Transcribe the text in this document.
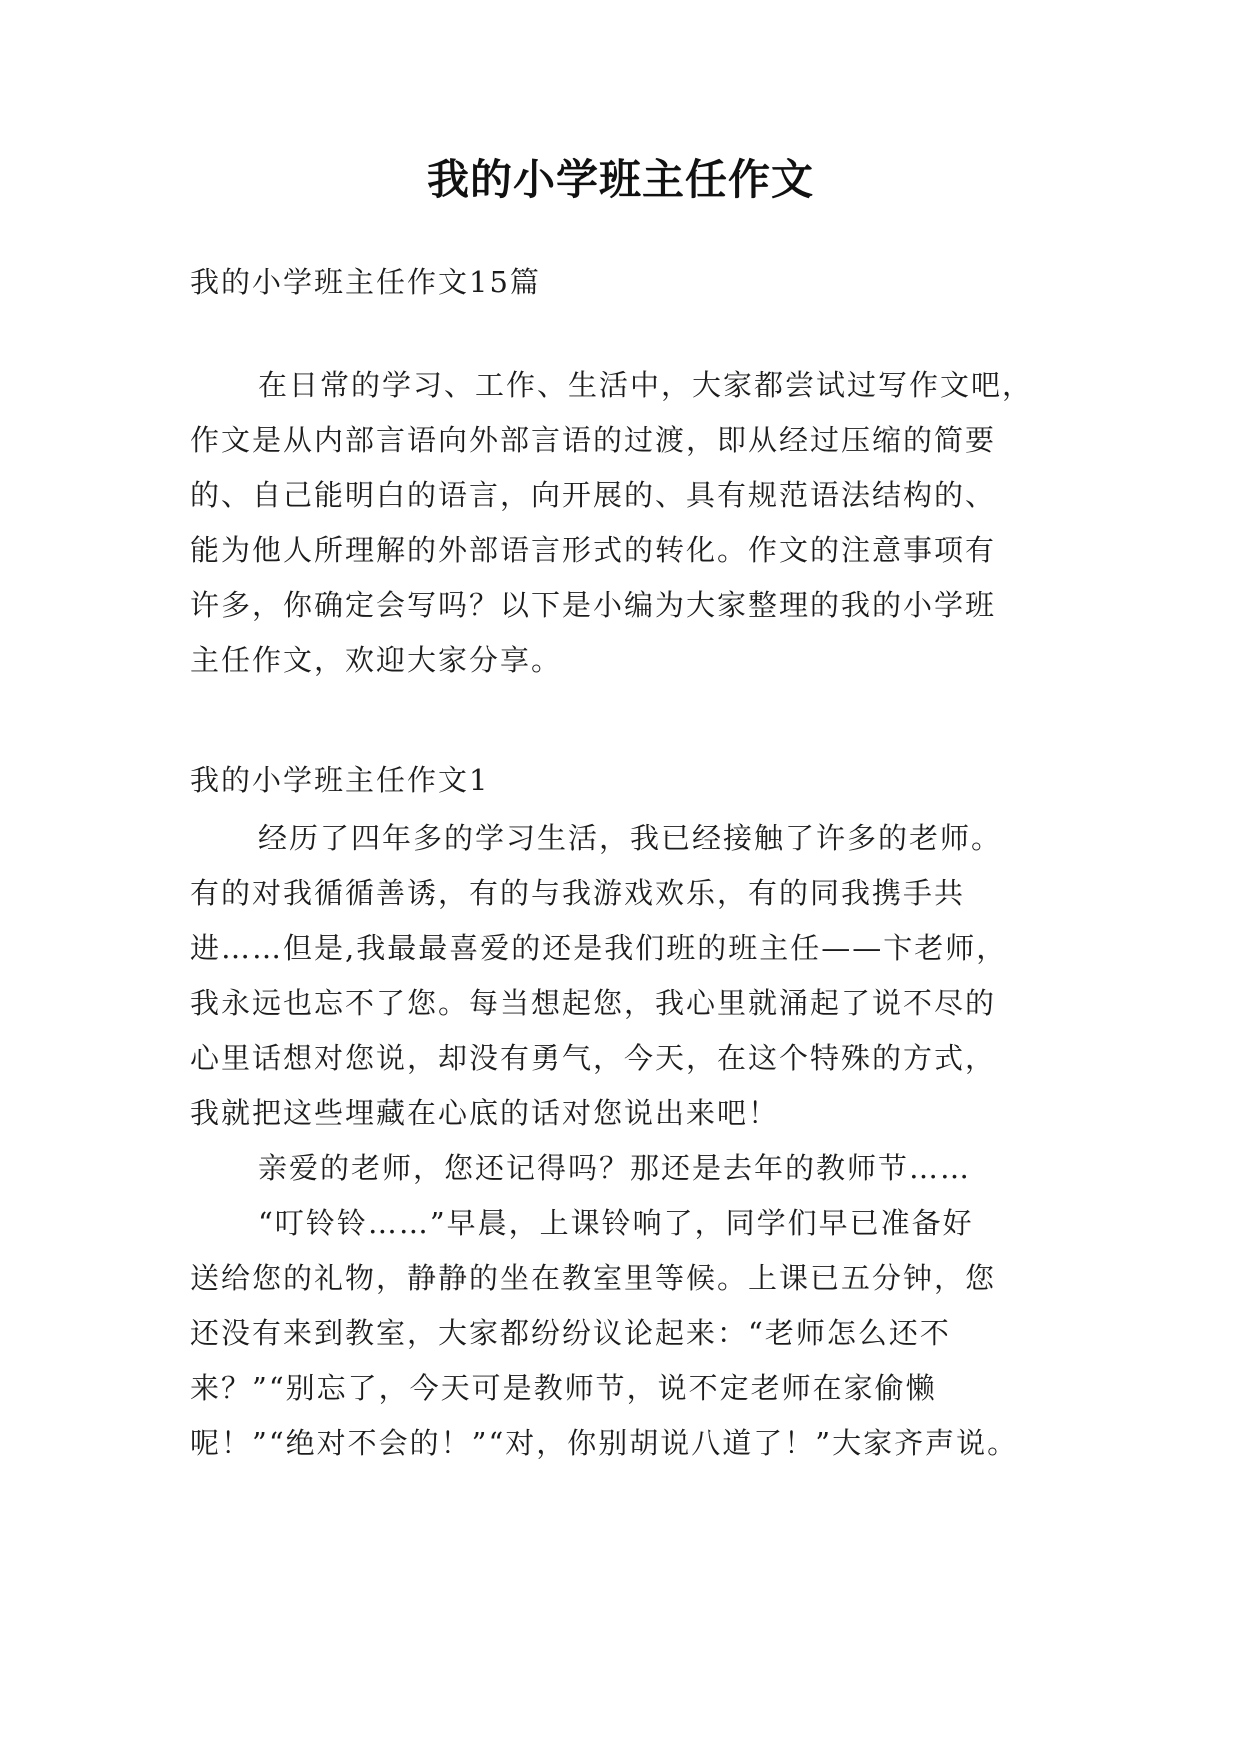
我的小学班主任作文
我的小学班主任作文15篇
在日常的学习、工作、生活中，大家都尝试过写作文吧，
作文是从内部言语向外部言语的过渡，即从经过压缩的简要
的、自己能明白的语言，向开展的、具有规范语法结构的、
能为他人所理解的外部语言形式的转化。作文的注意事项有
许多，你确定会写吗？以下是小编为大家整理的我的小学班
主任作文，欢迎大家分享。
我的小学班主任作文1
经历了四年多的学习生活，我已经接触了许多的老师。
有的对我循循善诱，有的与我游戏欢乐，有的同我携手共
进……但是,我最最喜爱的还是我们班的班主任——卞老师，
我永远也忘不了您。每当想起您，我心里就涌起了说不尽的
心里话想对您说，却没有勇气，今天，在这个特殊的方式，
我就把这些埋藏在心底的话对您说出来吧！
亲爱的老师，您还记得吗？那还是去年的教师节……
“叮铃铃……”早晨，上课铃响了，同学们早已准备好
送给您的礼物，静静的坐在教室里等候。上课已五分钟，您
还没有来到教室，大家都纷纷议论起来：“老师怎么还不
来？”“别忘了，今天可是教师节，说不定老师在家偷懒
呢！”“绝对不会的！”“对，你别胡说八道了！”大家齐声说。
